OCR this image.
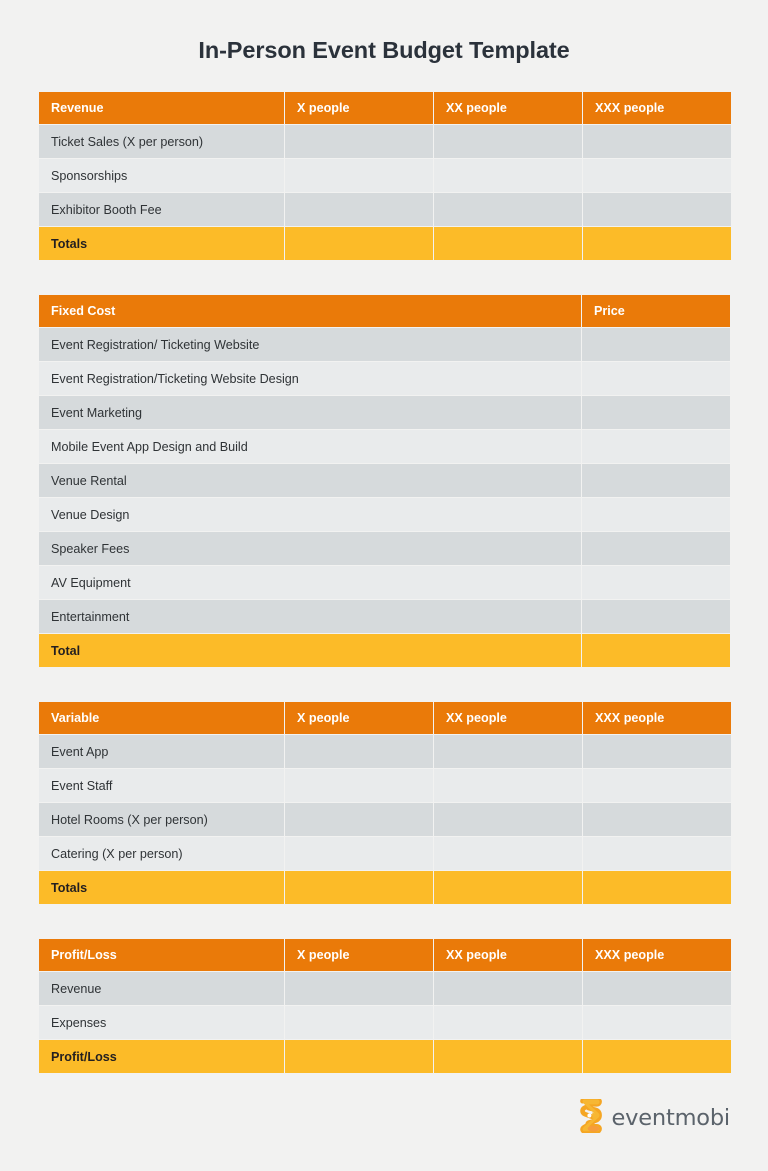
In-Person Event Budget Template
Revenue	X people	XX people	XXX people
Ticket Sales (X per person)			
Sponsorships			
Exhibitor Booth Fee			
Totals			
Fixed Cost	Price
Event Registration/ Ticketing Website	
Event Registration/Ticketing Website Design	
Event Marketing	
Mobile Event App Design and Build	
Venue Rental	
Venue Design	
Speaker Fees	
AV Equipment	
Entertainment	
Total	
Variable	X people	XX people	XXX people
Event App			
Event Staff			
Hotel Rooms (X per person)			
Catering (X per person)			
Totals			
Profit/Loss	X people	XX people	XXX people
Revenue			
Expenses			
Profit/Loss			
eventmobi
